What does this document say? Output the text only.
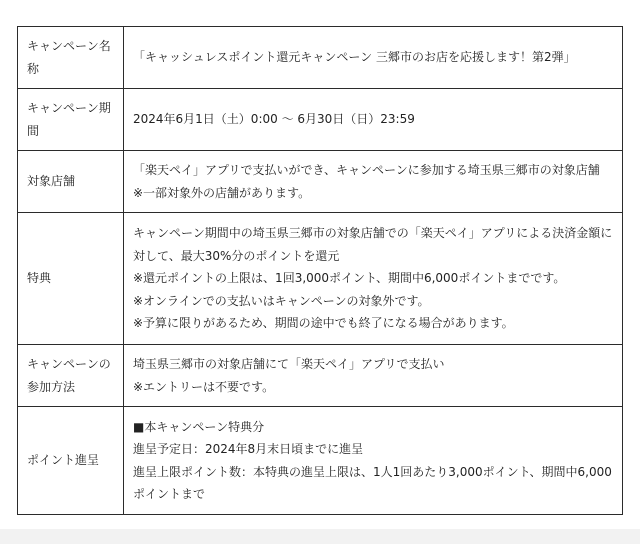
キャンペーン名称	「キャッシュレスポイント還元キャンペーン 三郷市のお店を応援します！第2弾」

キャンペーン期間	2024年6月1日（土）0:00 〜 6月30日（日）23:59

対象店舗	「楽天ペイ」アプリで支払いができ、キャンペーンに参加する埼玉県三郷市の対象店舗
※一部対象外の店舗があります。

特典	キャンペーン期間中の埼玉県三郷市の対象店舗での「楽天ペイ」アプリによる決済金額に対して、最大30%分のポイントを還元
※還元ポイントの上限は、1回3,000ポイント、期間中6,000ポイントまでです。
※オンラインでの支払いはキャンペーンの対象外です。
※予算に限りがあるため、期間の途中でも終了になる場合があります。

キャンペーンの参加方法	埼玉県三郷市の対象店舗にて「楽天ペイ」アプリで支払い
※エントリーは不要です。

ポイント進呈	■本キャンペーン特典分
進呈予定日：2024年8月末日頃までに進呈
進呈上限ポイント数：本特典の進呈上限は、1人1回あたり3,000ポイント、期間中6,000ポイントまで
